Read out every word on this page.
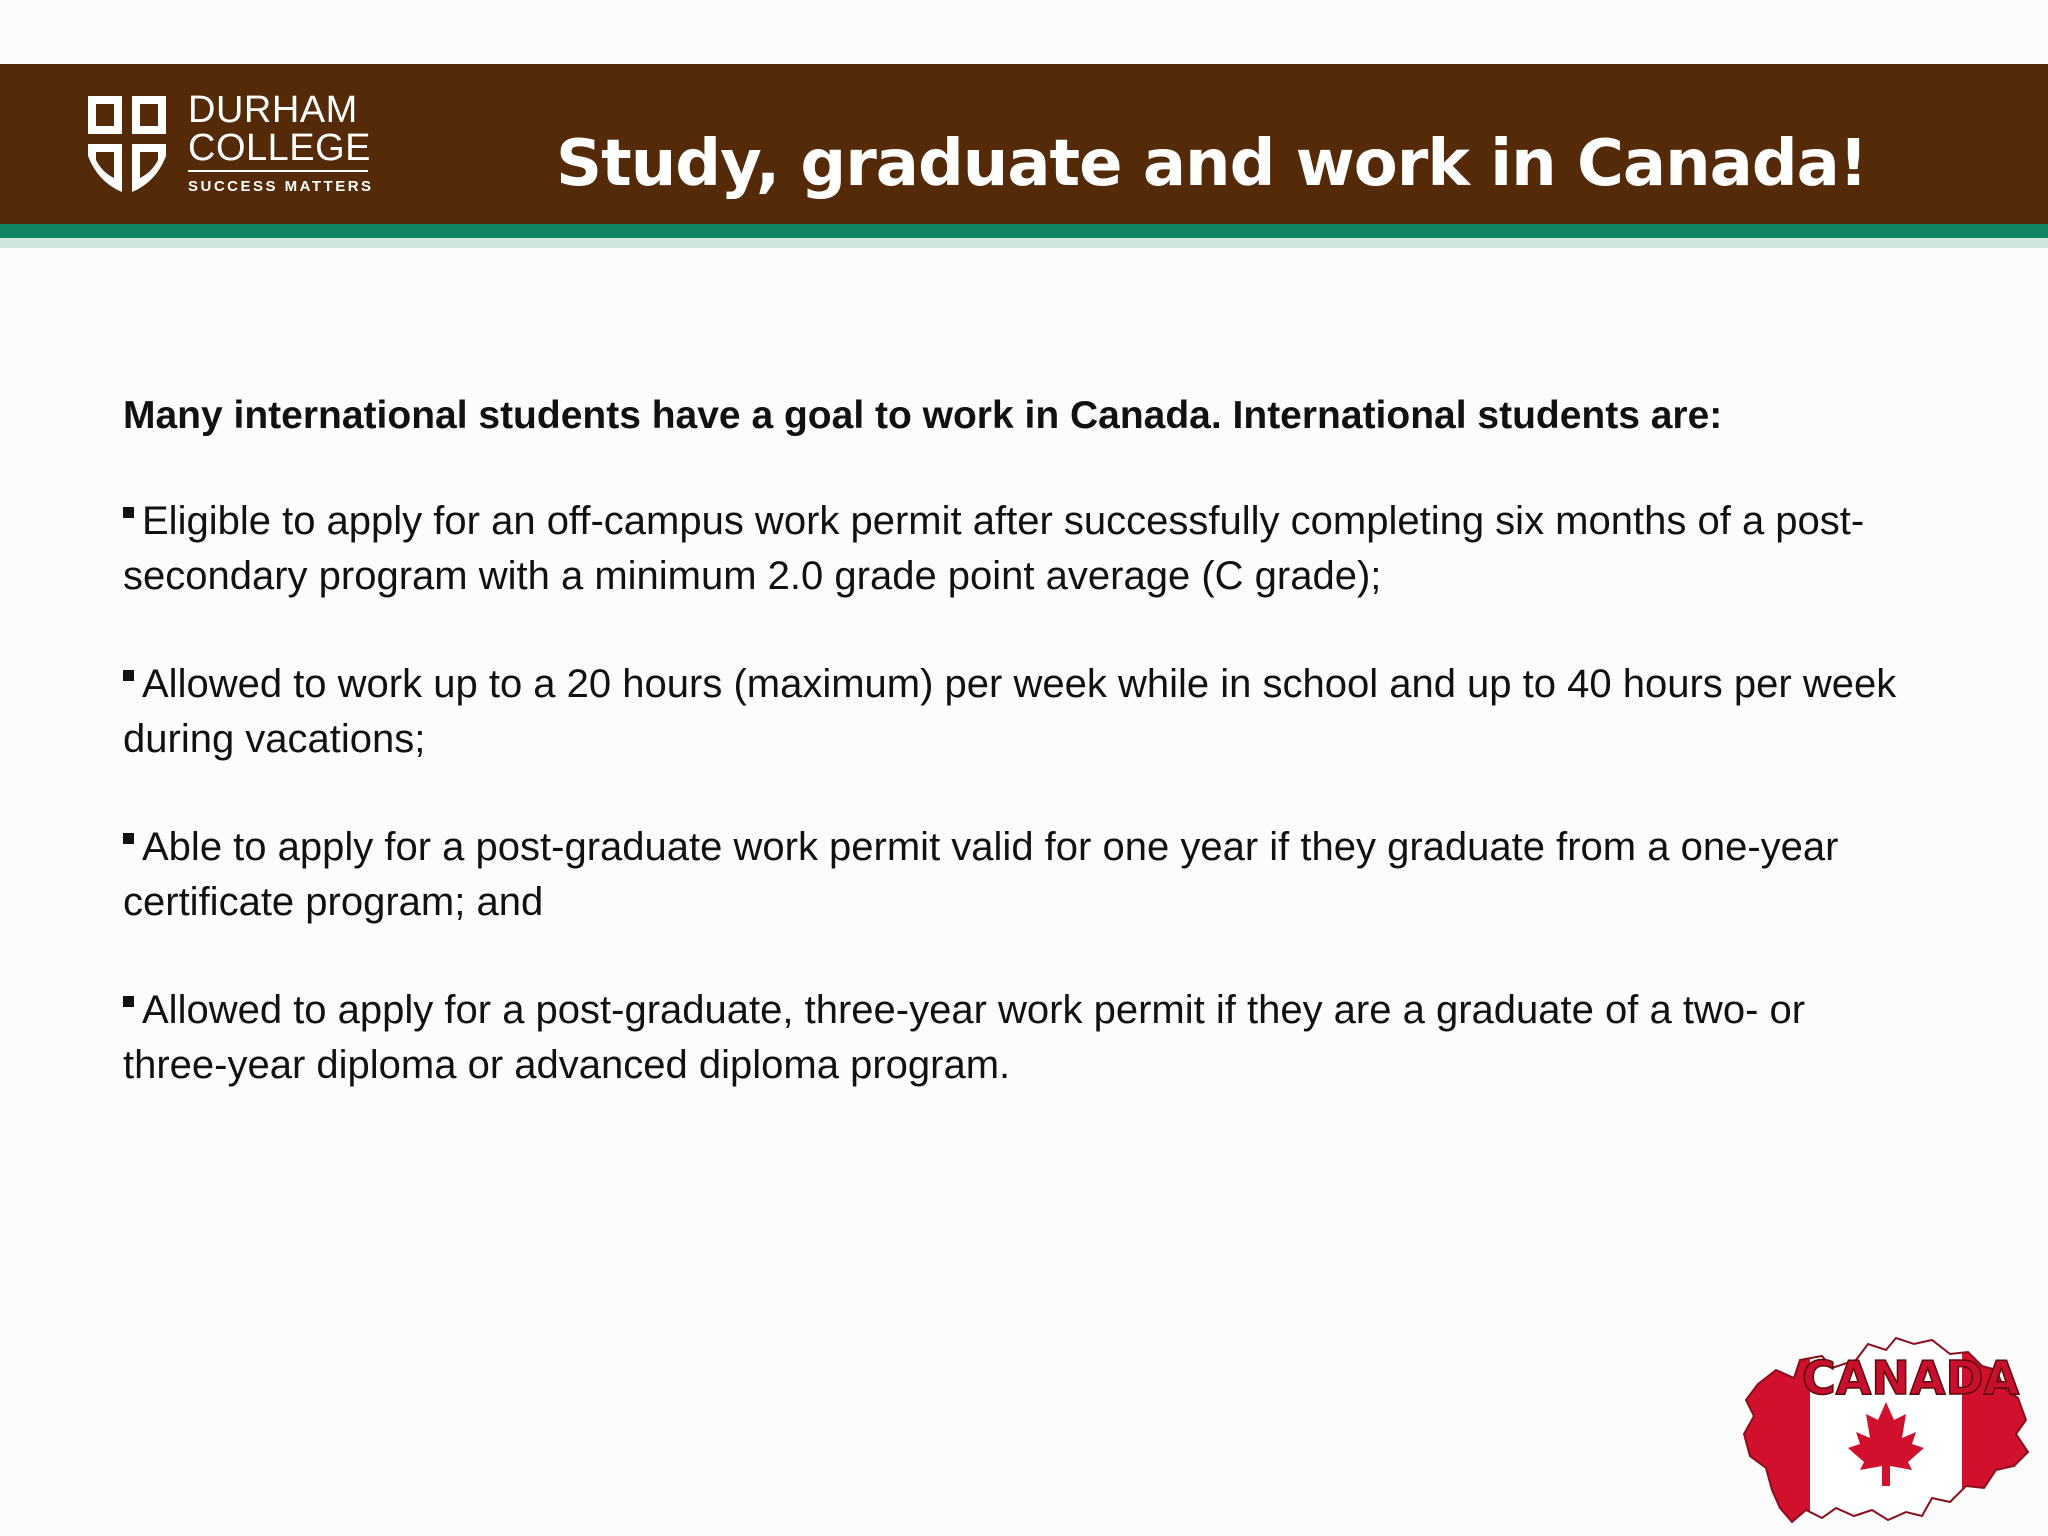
DURHAM
COLLEGE
SUCCESS MATTERS	Study, graduate and work in Canada!

Many international students have a goal to work in Canada. International students are:

Eligible to apply for an off-campus work permit after successfully completing six months of a post-secondary program with a minimum 2.0 grade point average (C grade);

Allowed to work up to a 20 hours (maximum) per week while in school and up to 40 hours per week during vacations;

Able to apply for a post-graduate work permit valid for one year if they graduate from a one-year certificate program; and

Allowed to apply for a post-graduate, three-year work permit if they are a graduate of a two- or three-year diploma or advanced diploma program.

CANADA
